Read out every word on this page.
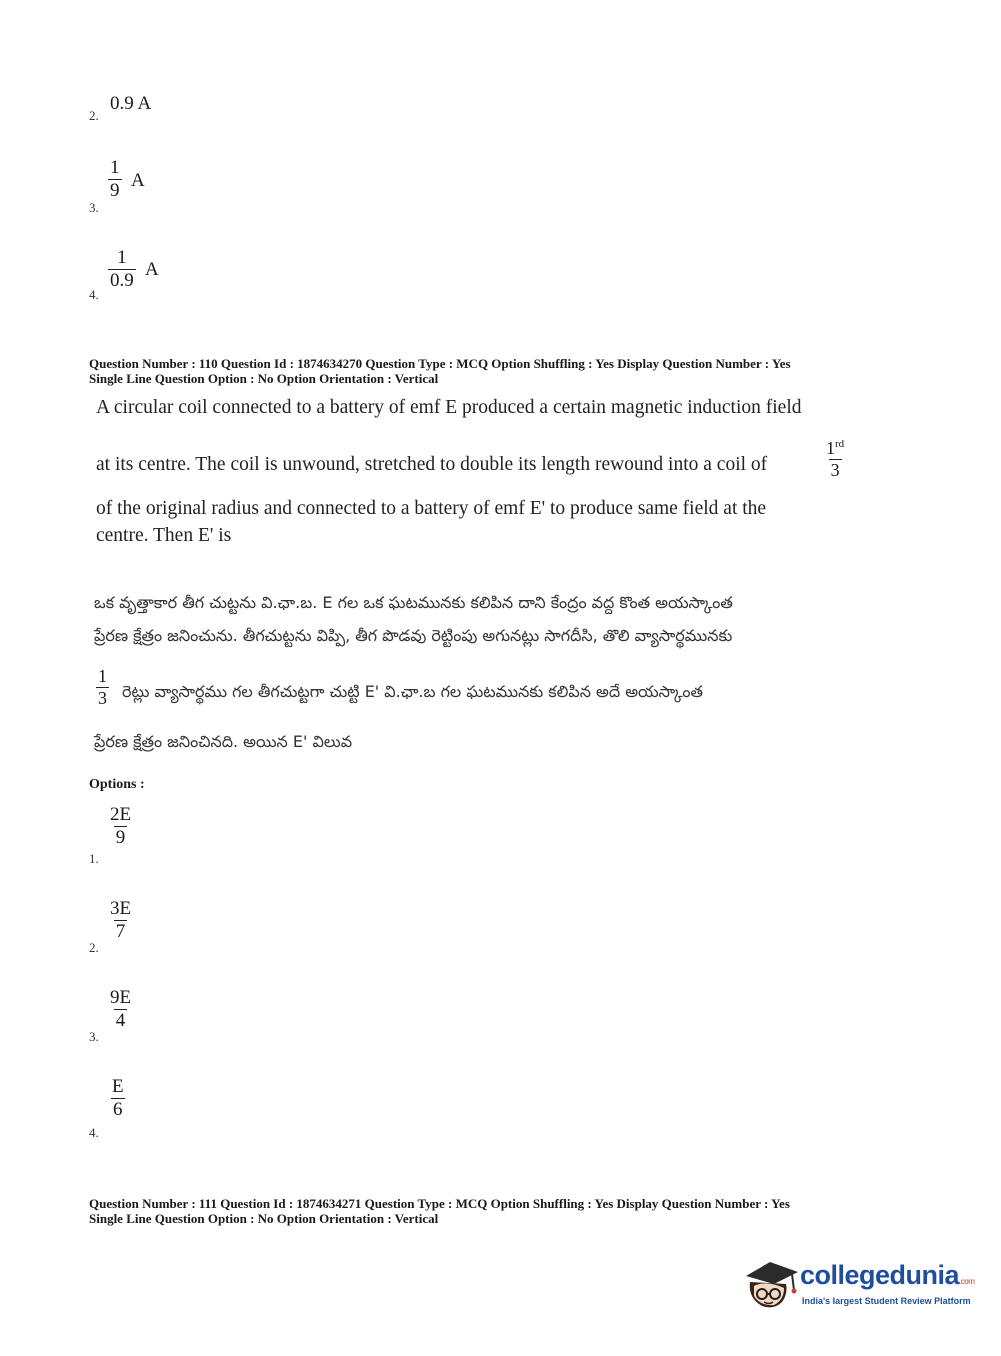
0.9 A
2.
$\frac{1}{9}$ A
3.
$\frac{1}{0.9}$ A
4.
Question Number : 110 Question Id : 1874634270 Question Type : MCQ Option Shuffling : Yes Display Question Number : Yes
Single Line Question Option : No Option Orientation : Vertical
A circular coil connected to a battery of emf E produced a certain magnetic induction field
at its centre. The coil is unwound, stretched to double its length rewound into a coil of	$\frac{1^{rd}}{3}$
of the original radius and connected to a battery of emf E' to produce same field at the
centre. Then E' is
ఒక వృత్తాకార తీగ చుట్టను వి.ఛా.బ. E గల ఒక ఘటమునకు కలిపిన దాని కేంద్రం వద్ద కొంత అయస్కాంత
ప్రేరణ క్షేత్రం జనించును. తీగచుట్టను విప్పి, తీగ పొడవు రెట్టింపు అగునట్లు సాగదీసి, తొలి వ్యాసార్థమునకు
$\frac{1}{3}$ రెట్లు వ్యాసార్థము గల తీగచుట్టగా చుట్టి E' వి.ఛా.బ గల ఘటమునకు కలిపిన అదే అయస్కాంత
ప్రేరణ క్షేత్రం జనించినది. అయిన E' విలువ
Options :
$\frac{2E}{9}$
1.
$\frac{3E}{7}$
2.
$\frac{9E}{4}$
3.
$\frac{E}{6}$
4.
Question Number : 111 Question Id : 1874634271 Question Type : MCQ Option Shuffling : Yes Display Question Number : Yes
Single Line Question Option : No Option Orientation : Vertical
collegedunia.com
India's largest Student Review Platform
